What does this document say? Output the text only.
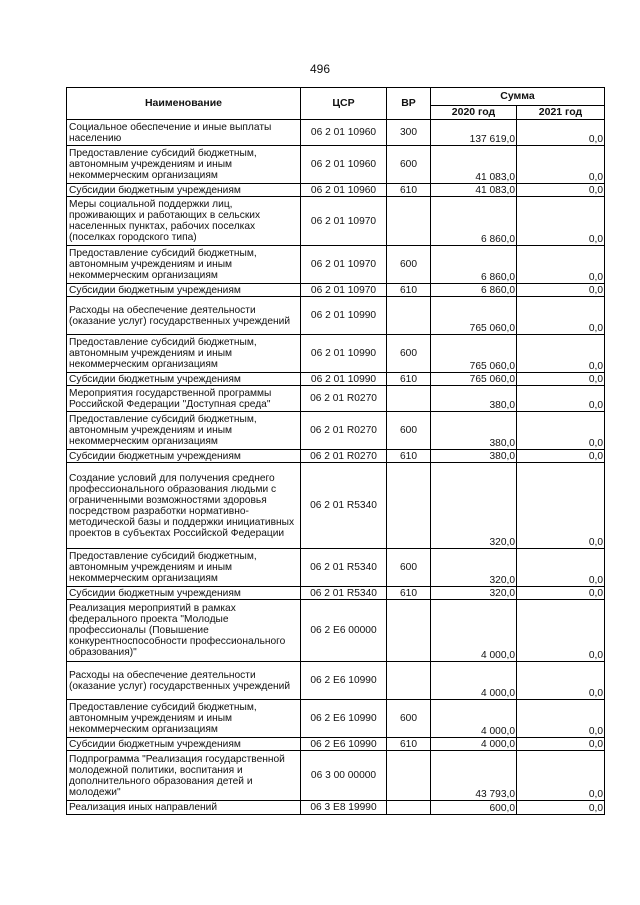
496
Наименование	ЦСР	ВР	Сумма	
			2020 год	2021 год
Социальное обеспечение и иные выплаты населению	06 2 01 10960	300	137 619,0	0,0
Предоставление субсидий бюджетным, автономным учреждениям и иным некоммерческим организациям	06 2 01 10960	600	41 083,0	0,0
Субсидии бюджетным учреждениям	06 2 01 10960	610	41 083,0	0,0
Меры социальной поддержки лиц, проживающих и работающих в сельских населенных пунктах, рабочих поселках (поселках городского типа)	06 2 01 10970		6 860,0	0,0
Предоставление субсидий бюджетным, автономным учреждениям и иным некоммерческим организациям	06 2 01 10970	600	6 860,0	0,0
Субсидии бюджетным учреждениям	06 2 01 10970	610	6 860,0	0,0
Расходы на обеспечение деятельности (оказание услуг) государственных учреждений	06 2 01 10990		765 060,0	0,0
Предоставление субсидий бюджетным, автономным учреждениям и иным некоммерческим организациям	06 2 01 10990	600	765 060,0	0,0
Субсидии бюджетным учреждениям	06 2 01 10990	610	765 060,0	0,0
Мероприятия государственной программы Российской Федерации "Доступная среда"	06 2 01 R0270		380,0	0,0
Предоставление субсидий бюджетным, автономным учреждениям и иным некоммерческим организациям	06 2 01 R0270	600	380,0	0,0
Субсидии бюджетным учреждениям	06 2 01 R0270	610	380,0	0,0
Создание условий для получения среднего профессионального образования людьми с ограниченными возможностями здоровья посредством разработки нормативно-методической базы и поддержки инициативных проектов в субъектах Российской Федерации	06 2 01 R5340		320,0	0,0
Предоставление субсидий бюджетным, автономным учреждениям и иным некоммерческим организациям	06 2 01 R5340	600	320,0	0,0
Субсидии бюджетным учреждениям	06 2 01 R5340	610	320,0	0,0
Реализация мероприятий в рамках федерального проекта "Молодые профессионалы (Повышение конкурентноспособности профессионального образования)"	06 2 E6 00000		4 000,0	0,0
Расходы на обеспечение деятельности (оказание услуг) государственных учреждений	06 2 E6 10990		4 000,0	0,0
Предоставление субсидий бюджетным, автономным учреждениям и иным некоммерческим организациям	06 2 E6 10990	600	4 000,0	0,0
Субсидии бюджетным учреждениям	06 2 E6 10990	610	4 000,0	0,0
Подпрограмма "Реализация государственной молодежной политики, воспитания и дополнительного образования детей и молодежи"	06 3 00 00000		43 793,0	0,0
Реализация иных направлений	06 3 E8 19990		600,0	0,0
